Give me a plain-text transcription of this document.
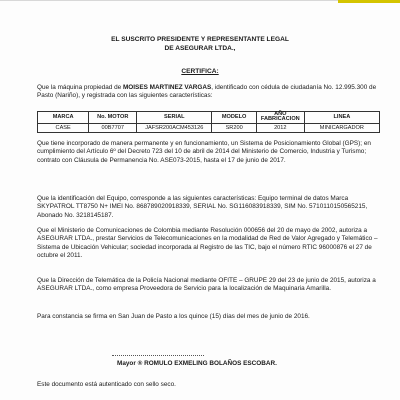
EL SUSCRITO PRESIDENTE Y REPRESENTANTE LEGAL
DE ASEGURAR LTDA.,
CERTIFICA:
Que la máquina propiedad de MOISES MARTINEZ VARGAS, identificado con cédula de ciudadanía No. 12.995.300 de Pasto (Nariño), y registrada con las siguientes características:
MARCA	No. MOTOR	SERIAL	MODELO	AÑO FABRICACION	LINEA
CASE	00B7707	JAFSR200ACM453126	SR200	2012	MINICARGADOR
Que tiene incorporado de manera permanente y en funcionamiento, un Sistema de Posicionamiento Global (GPS); en cumplimiento del Artículo 6º del Decreto 723 del 10 de abril de 2014 del Ministerio de Comercio, Industria y Turismo; contrato con Cláusula de Permanencia No. ASE073-2015, hasta el 17 de junio de 2017.
Que la identificación del Equipo, corresponde a las siguientes características: Equipo terminal de datos Marca SKYPATROL TT8750 N+ IMEI No. 868789020918339, SERIAL No. SG116083918339, SIM No. 5710110150565215, Abonado No. 3218145187.
Que el Ministerio de Comunicaciones de Colombia mediante Resolución 000656 del 20 de mayo de 2002, autoriza a ASEGURAR LTDA., prestar Servicios de Telecomunicaciones en la modalidad de Red de Valor Agregado y Telemático – Sistema de Ubicación Vehicular; sociedad incorporada al Registro de las TIC, bajo el número RTIC 96000876 el 27 de octubre el 2011.
Que la Dirección de Telemática de la Policía Nacional mediante OFITE – GRUPE 29 del 23 de junio de 2015, autoriza a ASEGURAR LTDA., como empresa Proveedora de Servicio para la localización de Maquinaria Amarilla.
Para constancia se firma en San Juan de Pasto a los quince (15) días del mes de junio de 2016.
Mayor ® ROMULO EXMELING BOLAÑOS ESCOBAR.
Este documento está autenticado con sello seco.
